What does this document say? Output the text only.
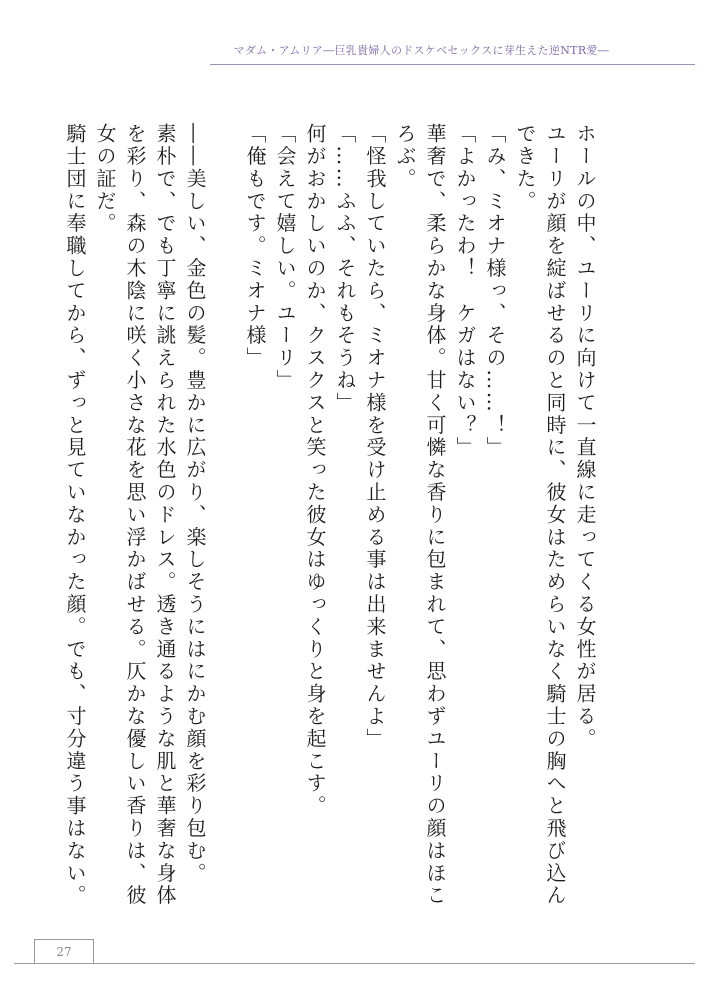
マダム・アムリア―巨乳貴婦人のドスケベセックスに芽生えた逆NTR愛―

ホールの中、ユーリに向けて一直線に走ってくる女性が居る。

ユーリが顔を綻ばせるのと同時に、彼女はためらいなく騎士の胸へと飛び込んできた。

「み、ミオナ様っ、その……！」

「よかったわ！　ケガはない？」

華奢で、柔らかな身体。甘く可憐な香りに包まれて、思わずユーリの顔はほころぶ。

「怪我していたら、ミオナ様を受け止める事は出来ませんよ」

「……ふふ、それもそうね」

何がおかしいのか、クスクスと笑った彼女はゆっくりと身を起こす。

「会えて嬉しい。ユーリ」

「俺もです。ミオナ様」

――美しい、金色の髪。豊かに広がり、楽しそうにはにかむ顔を彩り包む。

素朴で、でも丁寧に誂えられた水色のドレス。透き通るような肌と華奢な身体を彩り、森の木陰に咲く小さな花を思い浮かばせる。仄かな優しい香りは、彼女の証だ。

騎士団に奉職してから、ずっと見ていなかった顔。でも、寸分違う事はない。

27
